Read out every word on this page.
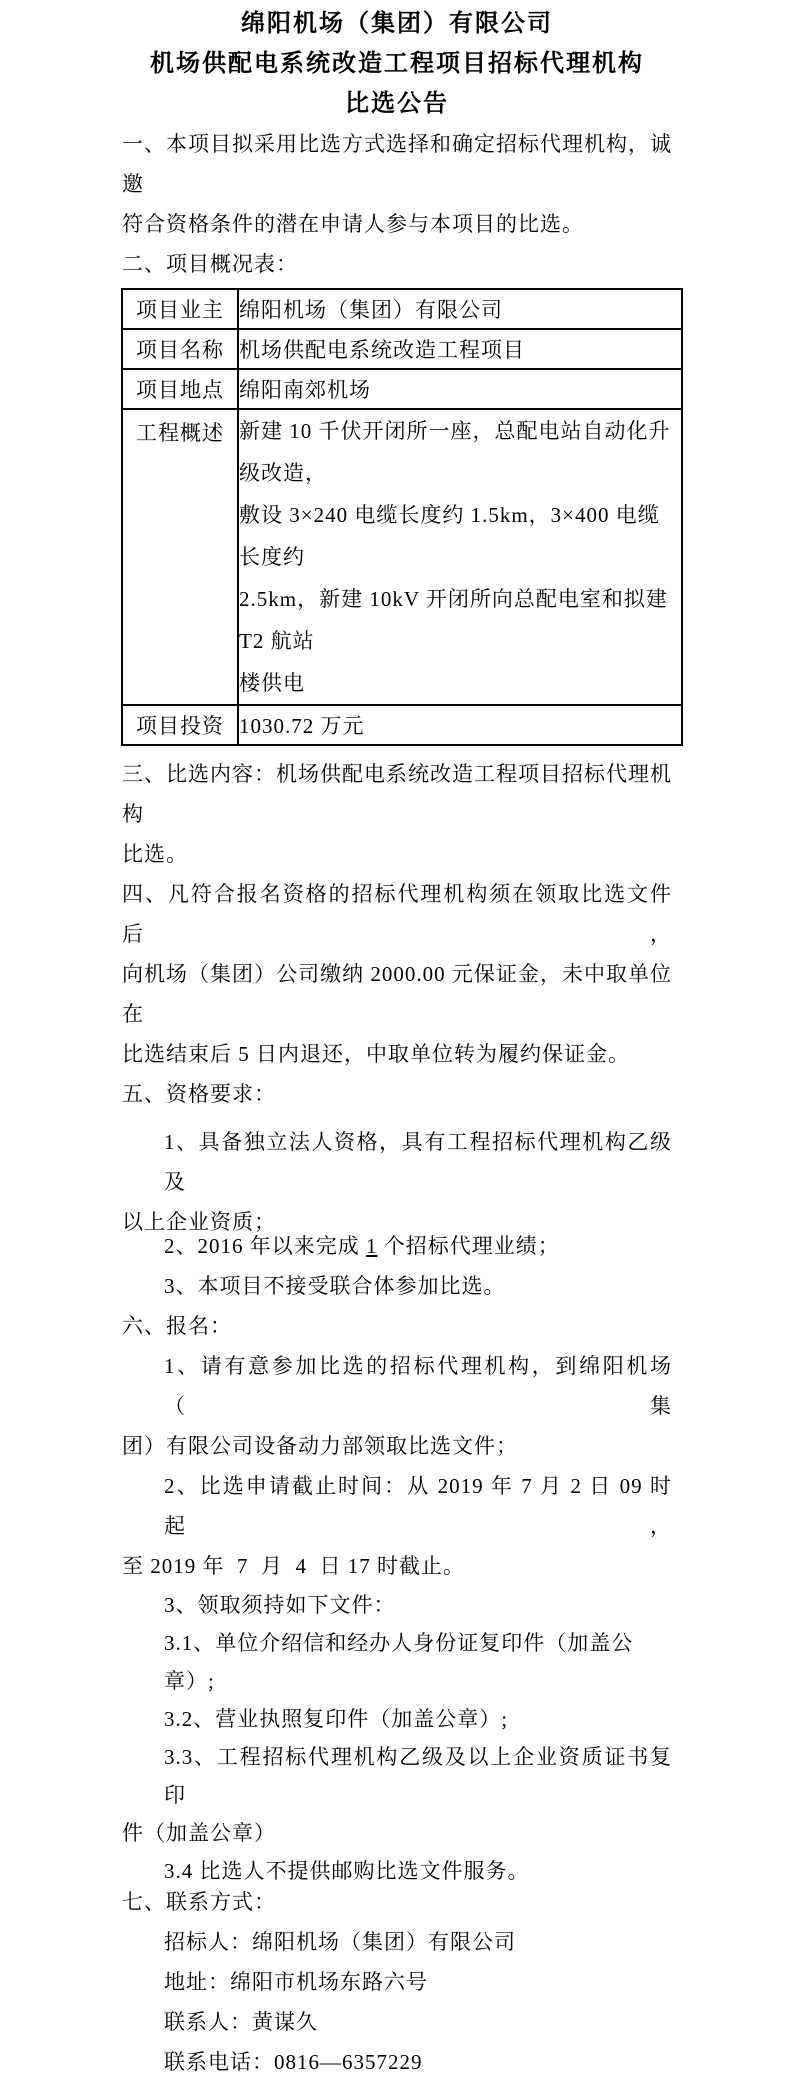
绵阳机场（集团）有限公司
机场供配电系统改造工程项目招标代理机构
比选公告
一、本项目拟采用比选方式选择和确定招标代理机构，诚邀
符合资格条件的潜在申请人参与本项目的比选。
二、项目概况表：
项目业主	绵阳机场（集团）有限公司
项目名称	机场供配电系统改造工程项目
项目地点	绵阳南郊机场
工程概述	新建 10 千伏开闭所一座，总配电站自动化升级改造，
敷设 3×240 电缆长度约 1.5km，3×400 电缆长度约
2.5km，新建 10kV 开闭所向总配电室和拟建 T2 航站
楼供电

项目投资	1030.72 万元
三、比选内容：机场供配电系统改造工程项目招标代理机构
比选。
四、凡符合报名资格的招标代理机构须在领取比选文件后，
向机场（集团）公司缴纳 2000.00 元保证金，未中取单位在
比选结束后 5 日内退还，中取单位转为履约保证金。
五、资格要求：
1、具备独立法人资格，具有工程招标代理机构乙级及
以上企业资质；
2、2016 年以来完成 1 个招标代理业绩；
3、本项目不接受联合体参加比选。
六、报名：
1、请有意参加比选的招标代理机构，到绵阳机场（集
团）有限公司设备动力部领取比选文件；
2、比选申请截止时间：从 2019 年 7 月 2 日 09 时起，
至 2019 年  7  月  4  日 17 时截止。
3、领取须持如下文件：
3.1、单位介绍信和经办人身份证复印件（加盖公章）;
3.2、营业执照复印件（加盖公章）;
3.3、工程招标代理机构乙级及以上企业资质证书复印
件（加盖公章）
3.4 比选人不提供邮购比选文件服务。
七、联系方式：
招标人：绵阳机场（集团）有限公司
地址：绵阳市机场东路六号
联系人：黄谋久
联系电话：0816—6357229
